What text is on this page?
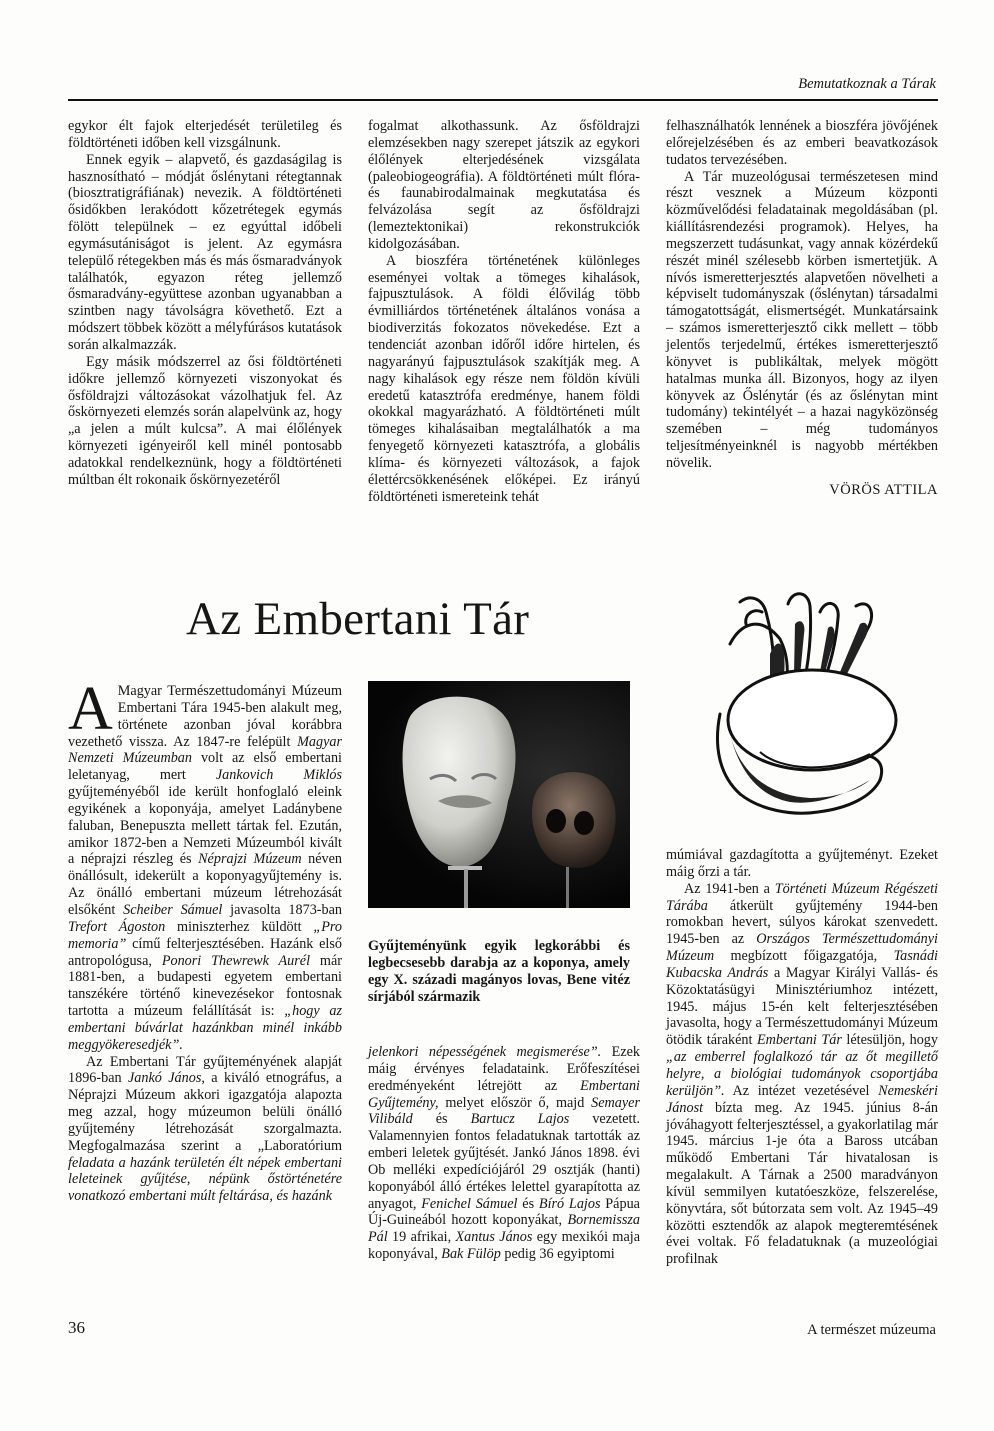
Bemutatkoznak a Tárak

egykor élt fajok elterjedését területileg és földtörténeti időben kell vizsgálnunk.

Ennek egyik – alapvető, és gazdaságilag is hasznosítható – módját őslénytani rétegtannak (biosztratigráfiának) nevezik. A földtörténeti ősidőkben lerakódott kőzetrétegek egymás fölött települnek – ez egyúttal időbeli egymásutániságot is jelent. Az egymásra települő rétegekben más és más ősmaradványok találhatók, egyazon réteg jellemző ősmaradvány-együttese azonban ugyanabban a szintben nagy távolságra követhető. Ezt a módszert többek között a mélyfúrásos kutatások során alkalmazzák.

Egy másik módszerrel az ősi földtörténeti időkre jellemző környezeti viszonyokat és ősföldrajzi változásokat vázolhatjuk fel. Az őskörnyezeti elemzés során alapelvünk az, hogy „a jelen a múlt kulcsa”. A mai élőlények környezeti igényeiről kell minél pontosabb adatokkal rendelkeznünk, hogy a földtörténeti múltban élt rokonaik őskörnyezetéről

fogalmat alkothassunk. Az ősföldrajzi elemzésekben nagy szerepet játszik az egykori élőlények elterjedésének vizsgálata (paleobiogeográfia). A földtörténeti múlt flóra- és faunabirodalmainak megkutatása és felvázolása segít az ősföldrajzi (lemeztektonikai) rekonstrukciók kidolgozásában.

A bioszféra történetének különleges eseményei voltak a tömeges kihalások, fajpusztulások. A földi élővilág több évmilliárdos történetének általános vonása a biodiverzitás fokozatos növekedése. Ezt a tendenciát azonban időről időre hirtelen, és nagyarányú fajpusztulások szakítják meg. A nagy kihalások egy része nem földön kívüli eredetű katasztrófa eredménye, hanem földi okokkal magyarázható. A földtörténeti múlt tömeges kihalásaiban megtalálhatók a ma fenyegető környezeti katasztrófa, a globális klíma- és környezeti változások, a fajok élettércsökkenésének előképei. Ez irányú földtörténeti ismereteink tehát

felhasználhatók lennének a bioszféra jövőjének előrejelzésében és az emberi beavatkozások tudatos tervezésében.

A Tár muzeológusai természetesen mind részt vesznek a Múzeum központi közművelődési feladatainak megoldásában (pl. kiállításrendezési programok). Helyes, ha megszerzett tudásunkat, vagy annak közérdekű részét minél szélesebb körben ismertetjük. A nívós ismeretterjesztés alapvetően növelheti a képviselt tudományszak (őslénytan) társadalmi támogatottságát, elismertségét. Munkatársaink – számos ismeretterjesztő cikk mellett – több jelentős terjedelmű, értékes ismeretterjesztő könyvet is publikáltak, melyek mögött hatalmas munka áll. Bizonyos, hogy az ilyen könyvek az Őslénytár (és az őslénytan mint tudomány) tekintélyét – a hazai nagyközönség szemében – még tudományos teljesítményeinknél is nagyobb mértékben növelik.

VÖRÖS ATTILA
Az Embertani Tár

A Magyar Természettudományi Múzeum Embertani Tára 1945-ben alakult meg, története azonban jóval korábbra vezethető vissza. Az 1847-re felépült Magyar Nemzeti Múzeumban volt az első embertani leletanyag, mert Jankovich Miklós gyűjteményéből ide került honfoglaló eleink egyikének a koponyája, amelyet Ladánybene faluban, Benepuszta mellett tártak fel. Ezután, amikor 1872-ben a Nemzeti Múzeumból kivált a néprajzi részleg és Néprajzi Múzeum néven önállósult, idekerült a koponyagyűjtemény is. Az önálló embertani múzeum létrehozását elsőként Scheiber Sámuel javasolta 1873-ban Trefort Ágoston miniszterhez küldött „Pro memoria” című felterjesztésében. Hazánk első antropológusa, Ponori Thewrewk Aurél már 1881-ben, a budapesti egyetem embertani tanszékére történő kinevezésekor fontosnak tartotta a múzeum felállítását is: „hogy az embertani búvárlat hazánkban minél inkább meggyökeresedjék”.

Az Embertani Tár gyűjteményének alapját 1896-ban Jankó János, a kiváló etnográfus, a Néprajzi Múzeum akkori igazgatója alapozta meg azzal, hogy múzeumon belüli önálló gyűjtemény létrehozását szorgalmazta. Megfogalmazása szerint a „Laboratórium feladata a hazánk területén élt népek embertani leleteinek gyűjtése, népünk őstörténetére vonatkozó embertani múlt feltárása, és hazánk

Gyűjteményünk egyik legkorábbi és legbecsesebb darabja az a koponya, amely egy X. századi magányos lovas, Bene vitéz sírjából származik

jelenkori népességének megismerése”. Ezek máig érvényes feladataink. Erőfeszítései eredményeként létrejött az Embertani Gyűjtemény, melyet először ő, majd Semayer Vilibáld és Bartucz Lajos vezetett. Valamennyien fontos feladatuknak tartották az emberi leletek gyűjtését. Jankó János 1898. évi Ob melléki expedíciójáról 29 osztják (hanti) koponyából álló értékes lelettel gyarapította az anyagot, Fenichel Sámuel és Bíró Lajos Pápua Új-Guineából hozott koponyákat, Bornemissza Pál 19 afrikai, Xantus János egy mexikói maja koponyával, Bak Fülöp pedig 36 egyiptomi

múmiával gazdagította a gyűjteményt. Ezeket máig őrzi a tár.

Az 1941-ben a Történeti Múzeum Régészeti Tárába átkerült gyűjtemény 1944-ben romokban hevert, súlyos károkat szenvedett. 1945-ben az Országos Természettudományi Múzeum megbízott főigazgatója, Tasnádi Kubacska András a Magyar Királyi Vallás- és Közoktatásügyi Minisztériumhoz intézett, 1945. május 15-én kelt felterjesztésében javasolta, hogy a Természettudományi Múzeum ötödik táraként Embertani Tár létesüljön, hogy „az emberrel foglalkozó tár az őt megillető helyre, a biológiai tudományok csoportjába kerüljön”. Az intézet vezetésével Nemeskéri Jánost bízta meg. Az 1945. június 8-án jóváhagyott felterjesztéssel, a gyakorlatilag már 1945. március 1-je óta a Baross utcában működő Embertani Tár hivatalosan is megalakult. A Tárnak a 2500 maradványon kívül semmilyen kutatóeszköze, felszerelése, könyvtára, sőt bútorzata sem volt. Az 1945–49 közötti esztendők az alapok megteremtésének évei voltak. Fő feladatuknak (a muzeológiai profilnak

36	A természet múzeuma
